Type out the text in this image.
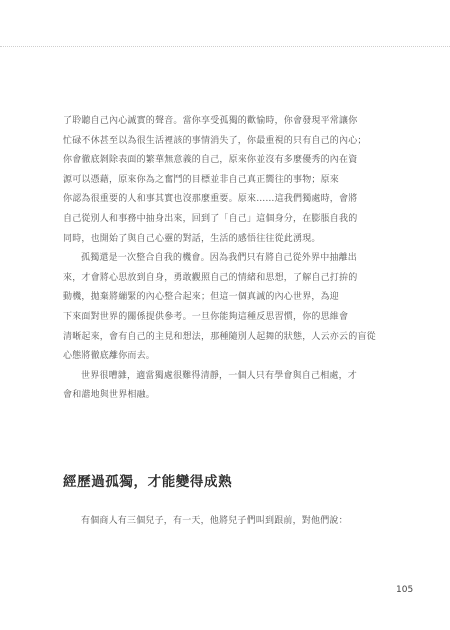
了聆聽自己內心誠實的聲音。當你享受孤獨的歡愉時，你會發現平常讓你
忙碌不休甚至以為很生活裡該的事情消失了，你最重視的只有自己的內心；
你會徹底剝除表面的繁華無意義的自己，原來你並沒有多麼優秀的內在資
源可以憑藉，原來你為之奮鬥的目標並非自己真正嚮往的事物；原來
你認為很重要的人和事其實也沒那麼重要。原來……這我們獨處時，會將
自己從別人和事務中抽身出來，回到了「自己」這個身分，在膨脹自我的
同時，也開始了與自己心靈的對話，生活的感悟往往從此湧現。

孤獨還是一次整合自我的機會。因為我們只有將自己從外界中抽離出
來，才會將心思放到自身，勇敢觀照自己的情緒和思想，了解自己打拚的
動機，拋棄將繃緊的內心整合起來；但這一個真誠的內心世界，為迎
下來面對世界的關係提供參考。一旦你能夠這種反思習慣，你的思維會
清晰起來，會有自己的主見和想法，那種隨別人起舞的狀態，人云亦云的盲從
心態將徹底離你而去。

世界很嘈雜，適當獨處很難得清靜，一個人只有學會與自己相處，才
會和諧地與世界相融。

經歷過孤獨，才能變得成熟

有個商人有三個兒子，有一天，他將兒子們叫到跟前，對他們說：

105
